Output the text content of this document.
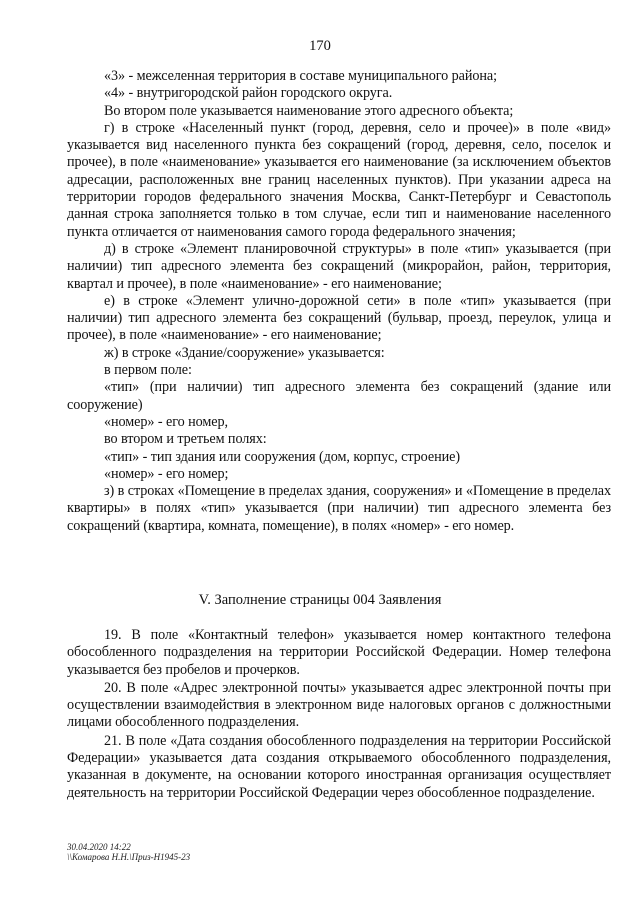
170

«3» - межселенная территория в составе муниципального района;

«4» - внутригородской район городского округа.

Во втором поле указывается наименование этого адресного объекта;

г) в строке «Населенный пункт (город, деревня, село и прочее)» в поле «вид» указывается вид населенного пункта без сокращений (город, деревня, село, поселок и прочее), в поле «наименование» указывается его наименование (за исключением объектов адресации, расположенных вне границ населенных пунктов). При указании адреса на территории городов федерального значения Москва, Санкт-Петербург и Севастополь данная строка заполняется только в том случае, если тип и наименование населенного пункта отличается от наименования самого города федерального значения;

д) в строке «Элемент планировочной структуры» в поле «тип» указывается (при наличии) тип адресного элемента без сокращений (микрорайон, район, территория, квартал и прочее), в поле «наименование» - его наименование;

е) в строке «Элемент улично-дорожной сети» в поле «тип» указывается (при наличии) тип адресного элемента без сокращений (бульвар, проезд, переулок, улица и прочее), в поле «наименование» - его наименование;

ж) в строке «Здание/сооружение» указывается:

в первом поле:

«тип» (при наличии) тип адресного элемента без сокращений (здание или сооружение)

«номер» - его номер,

во втором и третьем полях:

«тип» - тип здания или сооружения (дом, корпус, строение)

«номер» - его номер;

з) в строках «Помещение в пределах здания, сооружения» и «Помещение в пределах квартиры» в полях «тип» указывается (при наличии) тип адресного элемента без сокращений (квартира, комната, помещение), в полях «номер» - его номер.

V. Заполнение страницы 004 Заявления

19. В поле «Контактный телефон» указывается номер контактного телефона обособленного подразделения на территории Российской Федерации. Номер телефона указывается без пробелов и прочерков.

20. В поле «Адрес электронной почты» указывается адрес электронной почты при осуществлении взаимодействия в электронном виде налоговых органов с должностными лицами обособленного подразделения.

21. В поле «Дата создания обособленного подразделения на территории Российской Федерации» указывается дата создания открываемого обособленного подразделения, указанная в документе, на основании которого иностранная организация осуществляет деятельность на территории Российской Федерации через обособленное подразделение.

30.04.2020 14:22
\\Комарова Н.Н.\Приз-Н1945-23
